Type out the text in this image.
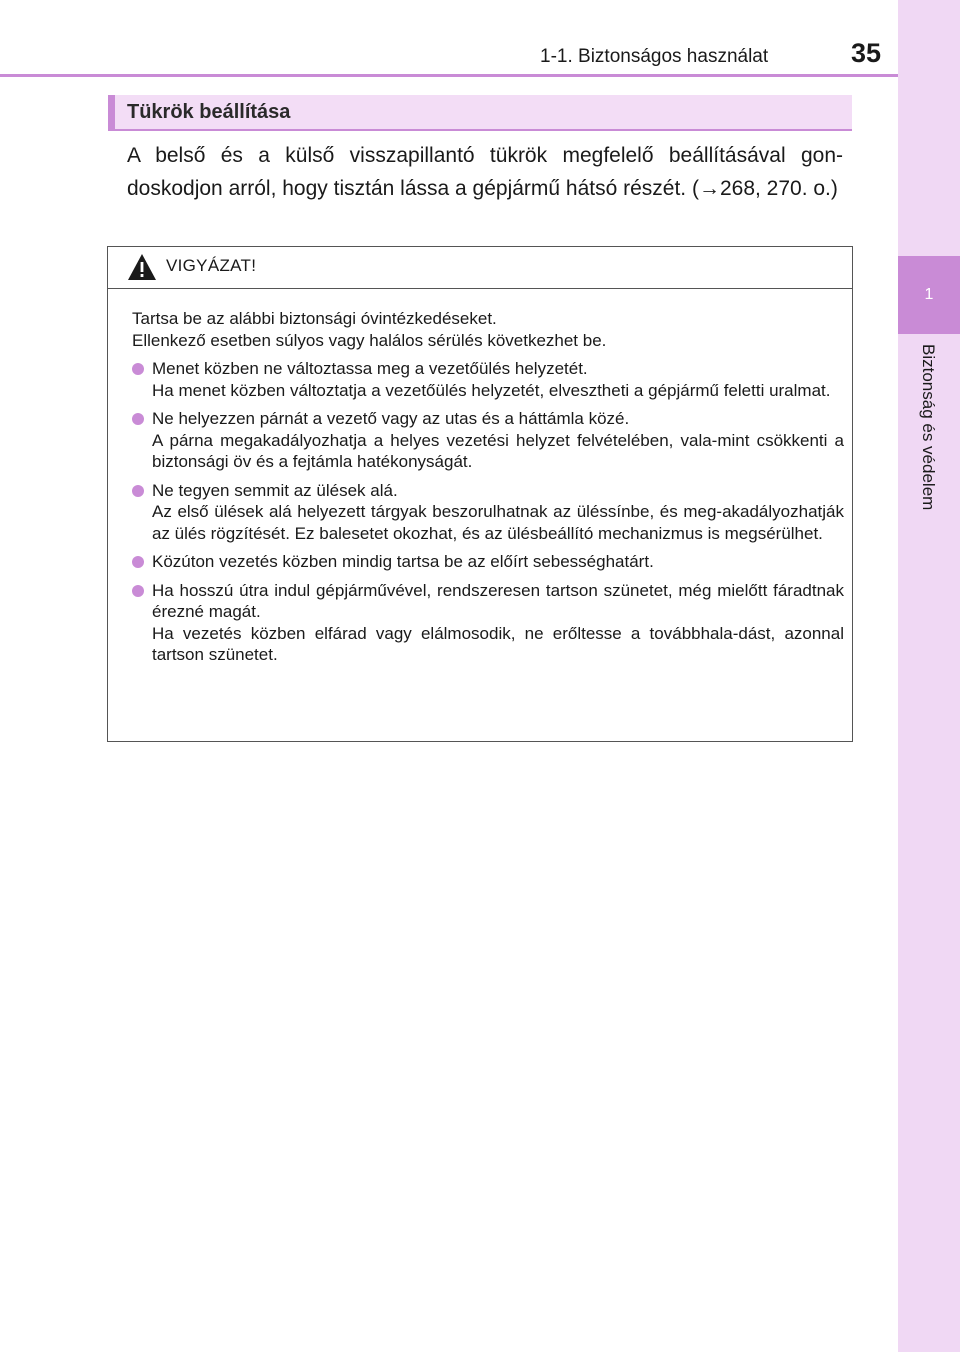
1-1. Biztonságos használat	35
1
Biztonság és védelem
Tükrök beállítása

A belső és a külső visszapillantó tükrök megfelelő beállításával gon-doskodjon arról, hogy tisztán lássa a gépjármű hátsó részét. (→268, 270. o.)

VIGYÁZAT!

Tartsa be az alábbi biztonsági óvintézkedéseket.

Ellenkező esetben súlyos vagy halálos sérülés következhet be.

Menet közben ne változtassa meg a vezetőülés helyzetét.

Ha menet közben változtatja a vezetőülés helyzetét, elvesztheti a gépjármű feletti uralmat.

Ne helyezzen párnát a vezető vagy az utas és a háttámla közé.

A párna megakadályozhatja a helyes vezetési helyzet felvételében, vala-mint csökkenti a biztonsági öv és a fejtámla hatékonyságát.

Ne tegyen semmit az ülések alá.

Az első ülések alá helyezett tárgyak beszorulhatnak az üléssínbe, és meg-akadályozhatják az ülés rögzítését. Ez balesetet okozhat, és az ülésbeállító mechanizmus is megsérülhet.

Közúton vezetés közben mindig tartsa be az előírt sebességhatárt.

Ha hosszú útra indul gépjárművével, rendszeresen tartson szünetet, még mielőtt fáradtnak érezné magát.

Ha vezetés közben elfárad vagy elálmosodik, ne erőltesse a továbbhala-dást, azonnal tartson szünetet.
